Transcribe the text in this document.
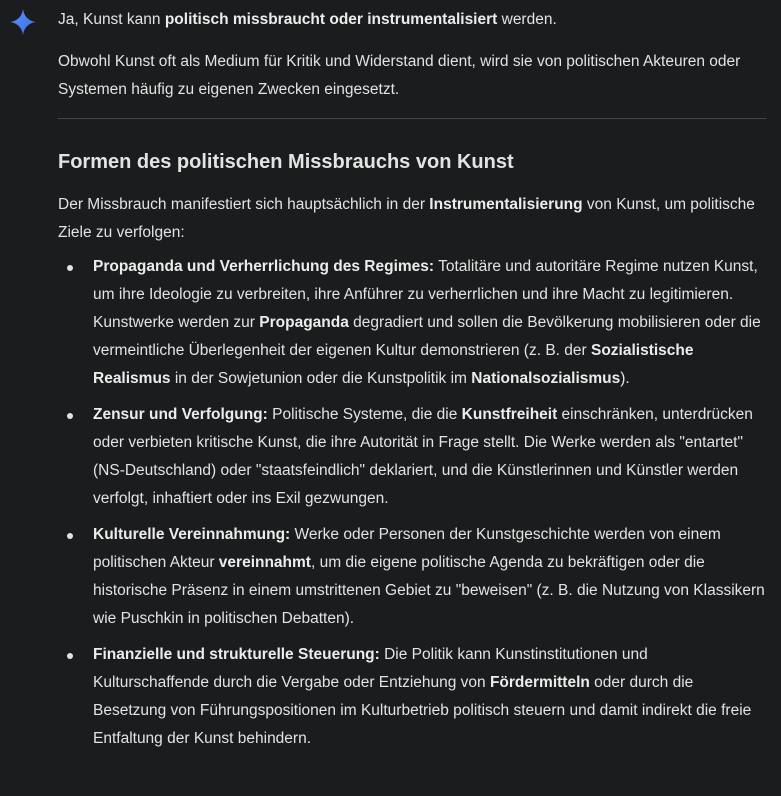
Ja, Kunst kann politisch missbraucht oder instrumentalisiert werden.

Obwohl Kunst oft als Medium für Kritik und Widerstand dient, wird sie von politischen Akteuren oder Systemen häufig zu eigenen Zwecken eingesetzt.

Formen des politischen Missbrauchs von Kunst

Der Missbrauch manifestiert sich hauptsächlich in der Instrumentalisierung von Kunst, um politische Ziele zu verfolgen:

Propaganda und Verherrlichung des Regimes: Totalitäre und autoritäre Regime nutzen Kunst, um ihre Ideologie zu verbreiten, ihre Anführer zu verherrlichen und ihre Macht zu legitimieren. Kunstwerke werden zur Propaganda degradiert und sollen die Bevölkerung mobilisieren oder die vermeintliche Überlegenheit der eigenen Kultur demonstrieren (z. B. der Sozialistische Realismus in der Sowjetunion oder die Kunstpolitik im Nationalsozialismus).
Zensur und Verfolgung: Politische Systeme, die die Kunstfreiheit einschränken, unterdrücken oder verbieten kritische Kunst, die ihre Autorität in Frage stellt. Die Werke werden als "entartet" (NS-Deutschland) oder "staatsfeindlich" deklariert, und die Künstlerinnen und Künstler werden verfolgt, inhaftiert oder ins Exil gezwungen.
Kulturelle Vereinnahmung: Werke oder Personen der Kunstgeschichte werden von einem politischen Akteur vereinnahmt, um die eigene politische Agenda zu bekräftigen oder die historische Präsenz in einem umstrittenen Gebiet zu "beweisen" (z. B. die Nutzung von Klassikern wie Puschkin in politischen Debatten).
Finanzielle und strukturelle Steuerung: Die Politik kann Kunstinstitutionen und Kulturschaffende durch die Vergabe oder Entziehung von Fördermitteln oder durch die Besetzung von Führungspositionen im Kulturbetrieb politisch steuern und damit indirekt die freie Entfaltung der Kunst behindern.
